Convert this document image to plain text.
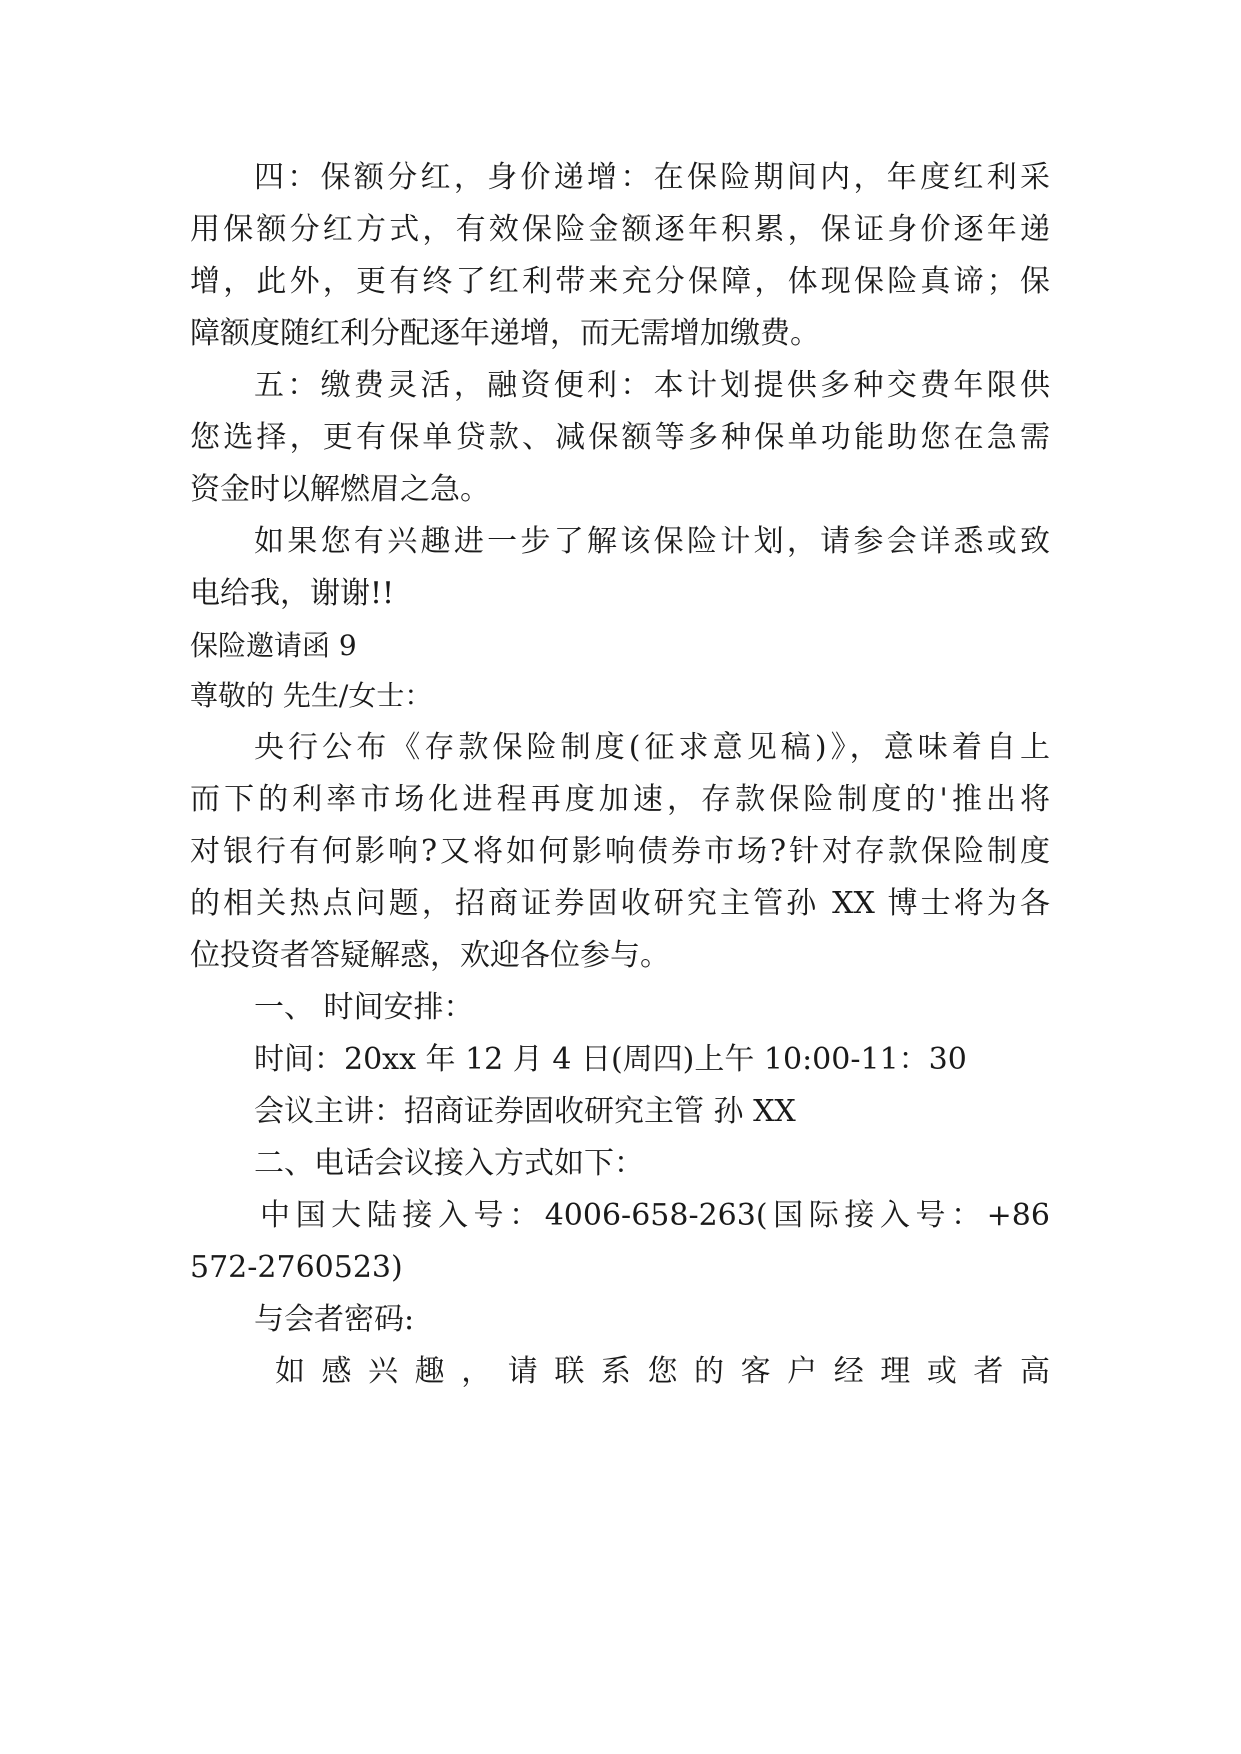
四：保额分红，身价递增：在保险期间内，年度红利采
用保额分红方式，有效保险金额逐年积累，保证身价逐年递
增，此外，更有终了红利带来充分保障，体现保险真谛；保
障额度随红利分配逐年递增，而无需增加缴费。
五：缴费灵活，融资便利：本计划提供多种交费年限供
您选择，更有保单贷款、减保额等多种保单功能助您在急需
资金时以解燃眉之急。
如果您有兴趣进一步了解该保险计划，请参会详悉或致
电给我，谢谢!!
保险邀请函 9
尊敬的 先生/女士：
央行公布《存款保险制度(征求意见稿)》，意味着自上
而下的利率市场化进程再度加速，存款保险制度的'推出将
对银行有何影响?又将如何影响债券市场?针对存款保险制度
的相关热点问题，招商证券固收研究主管孙 XX 博士将为各
位投资者答疑解惑，欢迎各位参与。
一、 时间安排：
时间：20xx 年 12 月 4 日(周四)上午 10:00-11：30
会议主讲：招商证券固收研究主管 孙 XX
二、电话会议接入方式如下：
中国大陆接入号：4006-658-263(国际接入号：+86
572-2760523)
与会者密码:
如感兴趣，请联系您的客户经理或者高
